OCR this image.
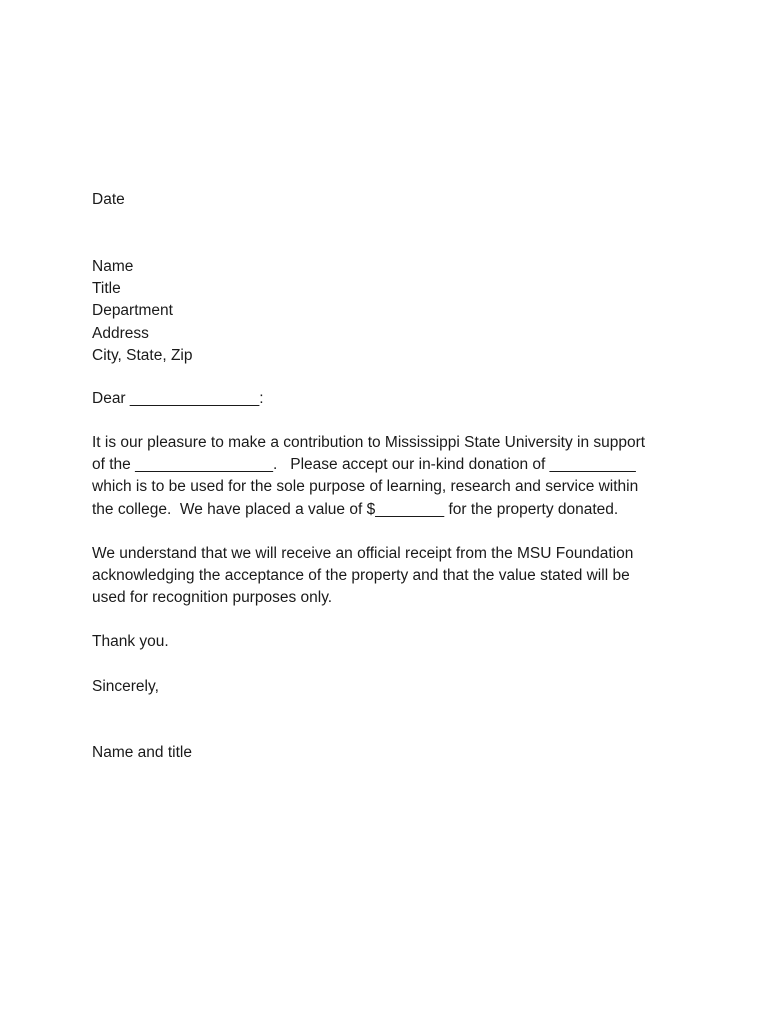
Date
Name
Title
Department
Address
City, State, Zip
Dear _______________:
It is our pleasure to make a contribution to Mississippi State University in support
of the ________________.   Please accept our in-kind donation of __________
which is to be used for the sole purpose of learning, research and service within
the college.  We have placed a value of $________ for the property donated.
We understand that we will receive an official receipt from the MSU Foundation
acknowledging the acceptance of the property and that the value stated will be
used for recognition purposes only.
Thank you.
Sincerely,
Name and title
